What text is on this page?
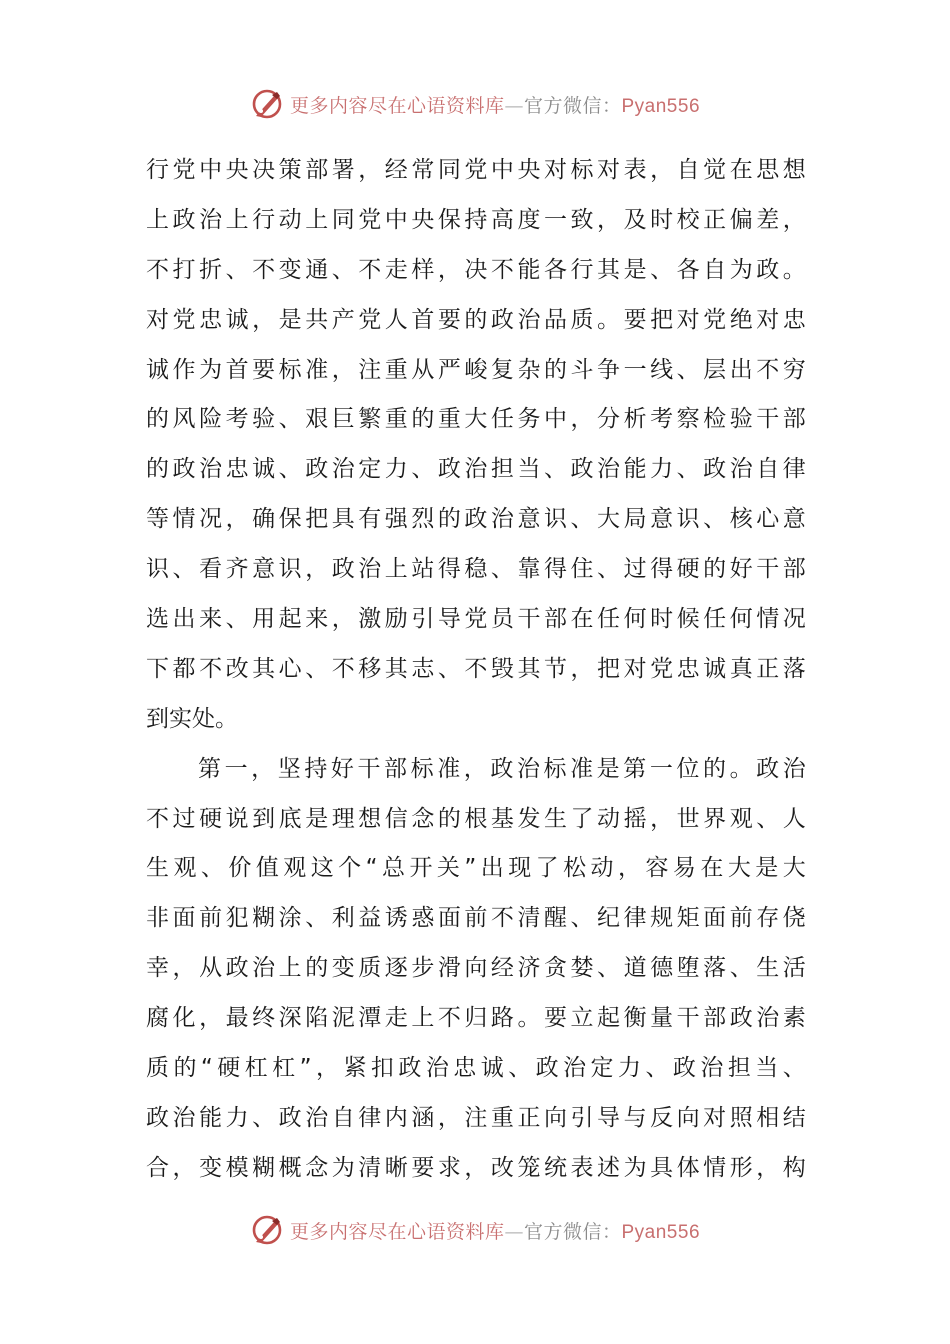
更多内容尽在心语资料库—官方微信：Pyan556
行 党 中 央 决 策 部 署 ， 经 常 同 党 中 央 对 标 对 表 ， 自 觉 在 思 想
上 政 治 上 行 动 上 同 党 中 央 保 持 高 度 一 致 ， 及 时 校 正 偏 差 ，
不 打 折 、 不 变 通 、 不 走 样 ， 决 不 能 各 行 其 是 、 各 自 为 政 。
对 党 忠 诚 ， 是 共 产 党 人 首 要 的 政 治 品 质 。 要 把 对 党 绝 对 忠
诚 作 为 首 要 标 准 ， 注 重 从 严 峻 复 杂 的 斗 争 一 线 、 层 出 不 穷
的 风 险 考 验 、 艰 巨 繁 重 的 重 大 任 务 中 ， 分 析 考 察 检 验 干 部
的 政 治 忠 诚 、 政 治 定 力 、 政 治 担 当 、 政 治 能 力 、 政 治 自 律
等 情 况 ， 确 保 把 具 有 强 烈 的 政 治 意 识 、 大 局 意 识 、 核 心 意
识 、 看 齐 意 识 ， 政 治 上 站 得 稳 、 靠 得 住 、 过 得 硬 的 好 干 部
选 出 来 、 用 起 来 ， 激 励 引 导 党 员 干 部 在 任 何 时 候 任 何 情 况
下 都 不 改 其 心 、 不 移 其 志 、 不 毁 其 节 ， 把 对 党 忠 诚 真 正 落
到 实 处 。
第 一 ， 坚 持 好 干 部 标 准 ， 政 治 标 准 是 第 一 位 的 。 政 治
不 过 硬 说 到 底 是 理 想 信 念 的 根 基 发 生 了 动 摇 ， 世 界 观 、 人
生 观 、 价 值 观 这 个 “ 总 开 关 ” 出 现 了 松 动 ， 容 易 在 大 是 大
非 面 前 犯 糊 涂 、 利 益 诱 惑 面 前 不 清 醒 、 纪 律 规 矩 面 前 存 侥
幸 ， 从 政 治 上 的 变 质 逐 步 滑 向 经 济 贪 婪 、 道 德 堕 落 、 生 活
腐 化 ， 最 终 深 陷 泥 潭 走 上 不 归 路 。 要 立 起 衡 量 干 部 政 治 素
质 的 “ 硬 杠 杠 ” ， 紧 扣 政 治 忠 诚 、 政 治 定 力 、 政 治 担 当 、
政 治 能 力 、 政 治 自 律 内 涵 ， 注 重 正 向 引 导 与 反 向 对 照 相 结
合 ， 变 模 糊 概 念 为 清 晰 要 求 ， 改 笼 统 表 述 为 具 体 情 形 ， 构
更多内容尽在心语资料库—官方微信：Pyan556
